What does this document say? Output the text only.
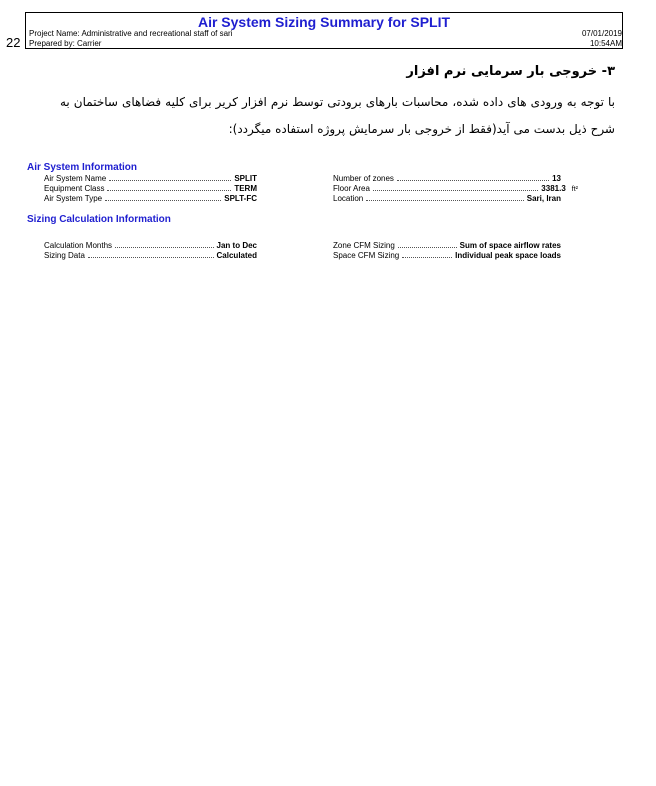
22
Air System Sizing Summary for SPLIT
Project Name: Administrative and recreational staff of sari
Prepared by: Carrier
07/01/2019
10:54AM
۳- خروجی بار سرمایی نرم افزار
با توجه به ورودی های داده شده، محاسبات بارهای برودتی توسط نرم افزار کریر برای کلیه فضاهای ساختمان به
شرح ذیل بدست می آید(فقط از خروجی بار سرمایش پروژه استفاده میگردد):
Air System Information
Air System Name	SPLIT
Equipment Class	TERM
Air System Type	SPLT-FC
Number of zones	13
Floor Area	3381.3 ft²
Location	Sari, Iran
Sizing Calculation Information
Calculation Months	Jan to Dec
Sizing Data	Calculated
Zone CFM Sizing	Sum of space airflow rates
Space CFM Sizing	Individual peak space loads
